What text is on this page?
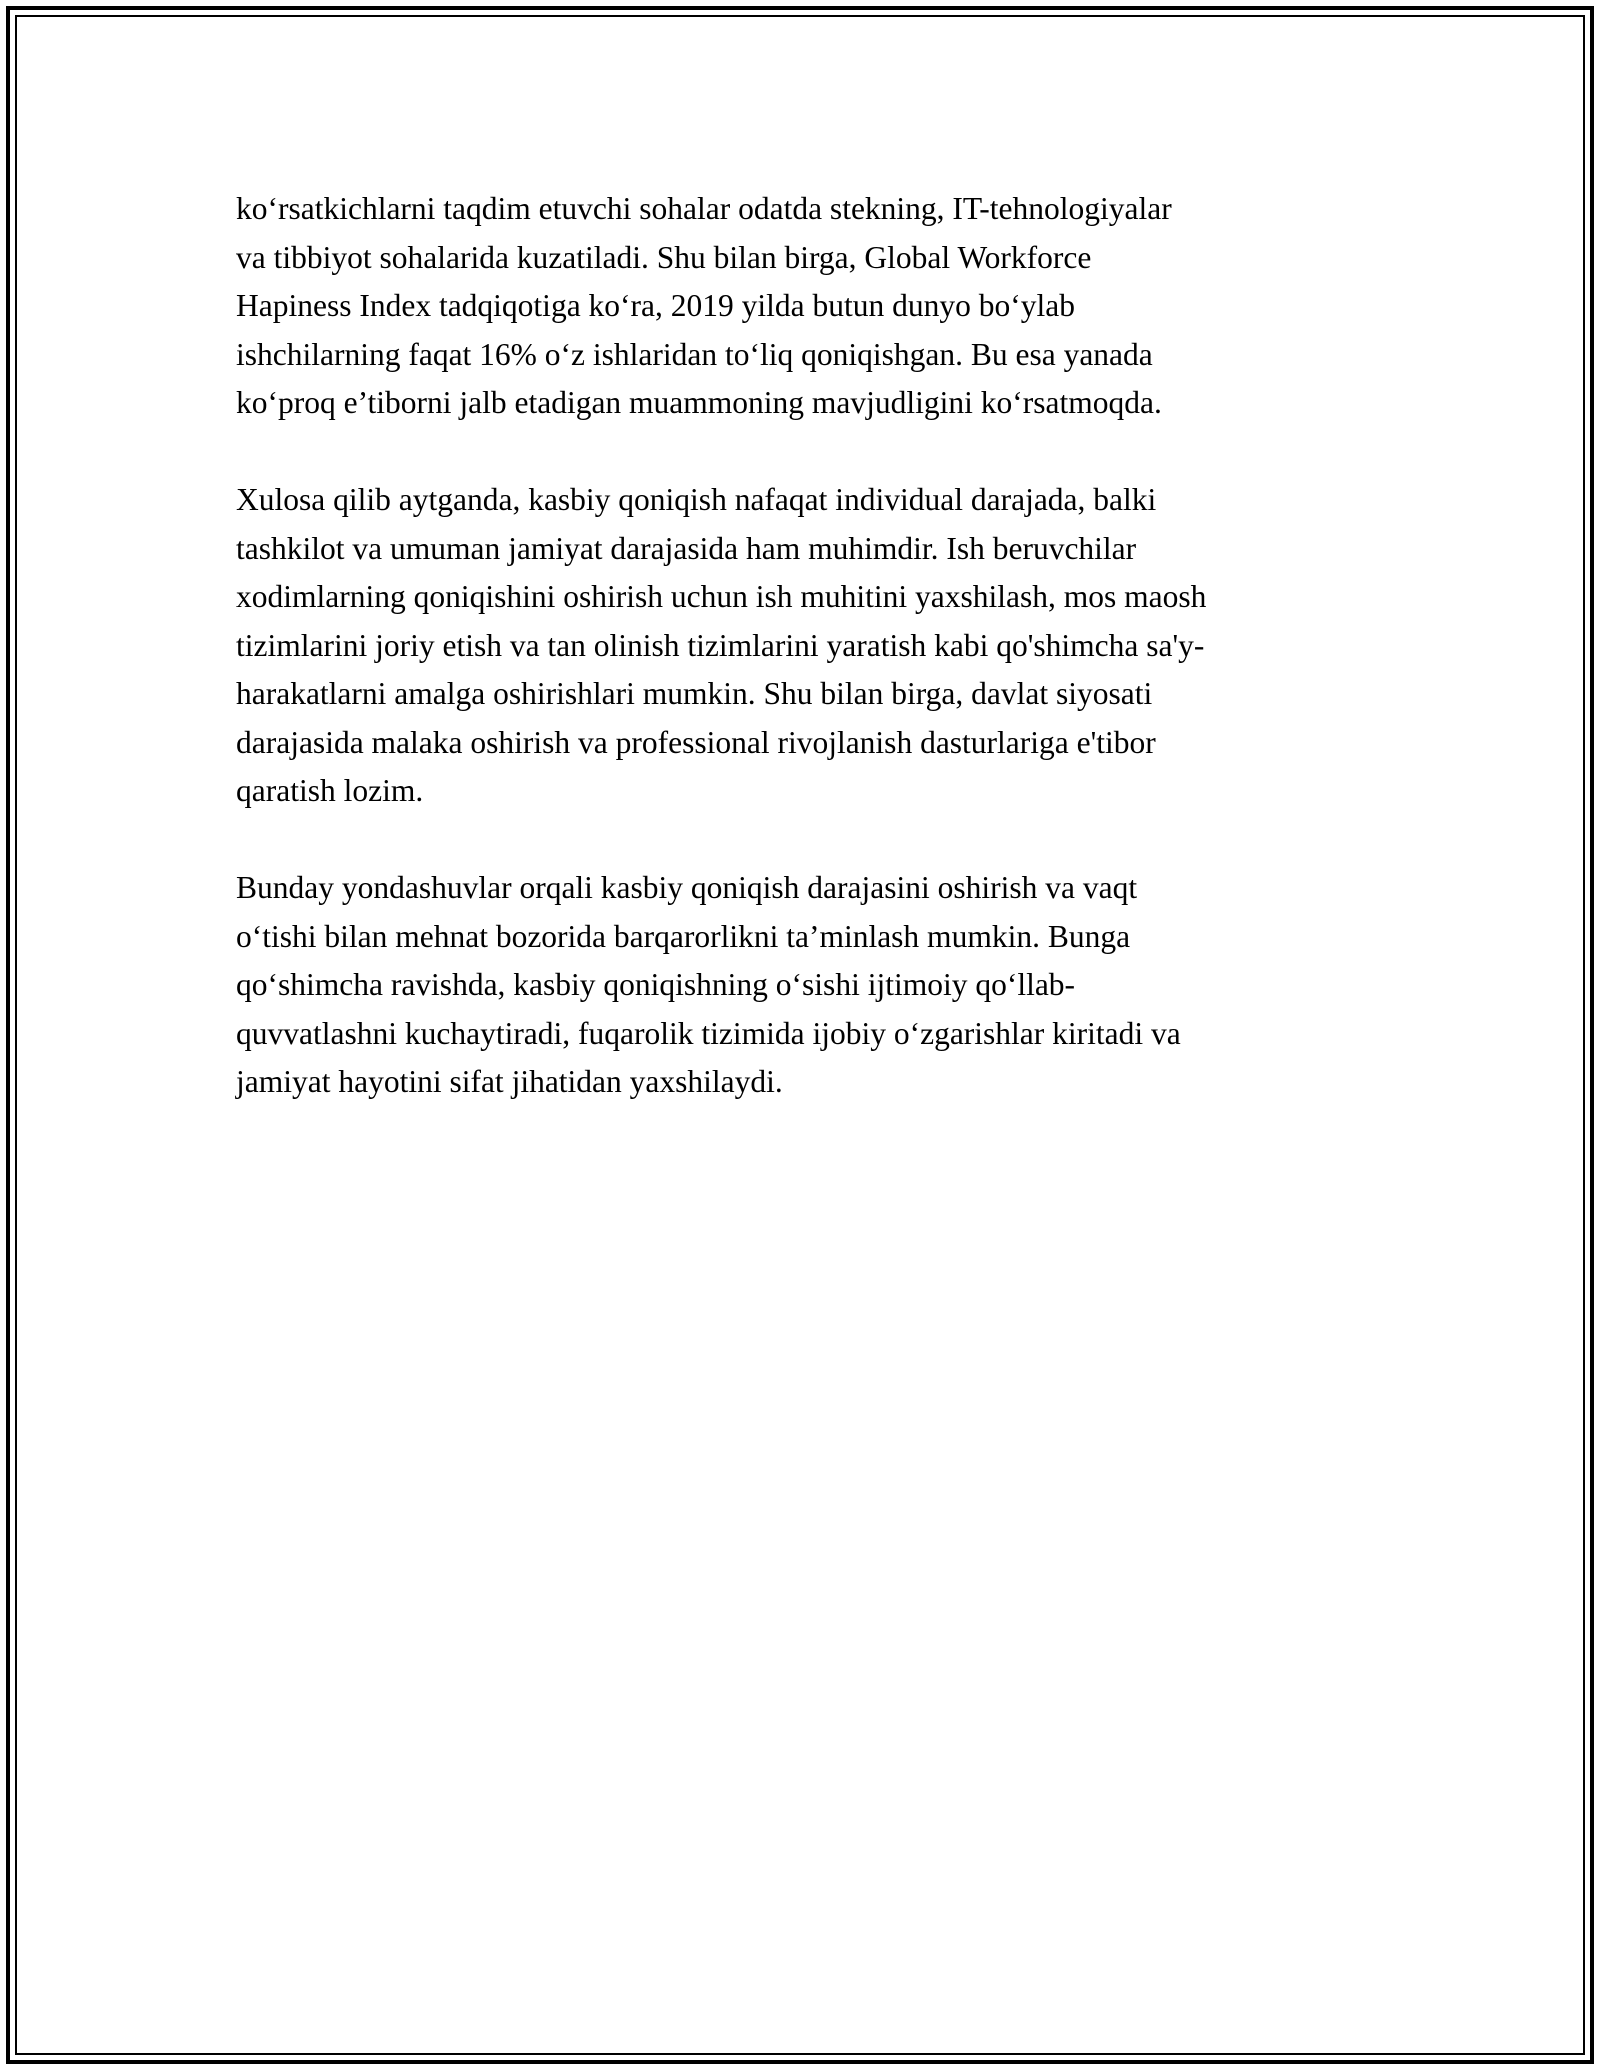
ko‘rsatkichlarni taqdim etuvchi sohalar odatda stekning, IT-tehnologiyalar
va tibbiyot sohalarida kuzatiladi. Shu bilan birga, Global Workforce
Hapiness Index tadqiqotiga ko‘ra, 2019 yilda butun dunyo bo‘ylab
ishchilarning faqat 16% o‘z ishlaridan to‘liq qoniqishgan. Bu esa yanada
ko‘proq e’tiborni jalb etadigan muammoning mavjudligini ko‘rsatmoqda.

Xulosa qilib aytganda, kasbiy qoniqish nafaqat individual darajada, balki
tashkilot va umuman jamiyat darajasida ham muhimdir. Ish beruvchilar
xodimlarning qoniqishini oshirish uchun ish muhitini yaxshilash, mos maosh
tizimlarini joriy etish va tan olinish tizimlarini yaratish kabi qo'shimcha sa'y-
harakatlarni amalga oshirishlari mumkin. Shu bilan birga, davlat siyosati
darajasida malaka oshirish va professional rivojlanish dasturlariga e'tibor
qaratish lozim.

Bunday yondashuvlar orqali kasbiy qoniqish darajasini oshirish va vaqt
o‘tishi bilan mehnat bozorida barqarorlikni ta’minlash mumkin. Bunga
qo‘shimcha ravishda, kasbiy qoniqishning o‘sishi ijtimoiy qo‘llab-
quvvatlashni kuchaytiradi, fuqarolik tizimida ijobiy o‘zgarishlar kiritadi va
jamiyat hayotini sifat jihatidan yaxshilaydi.
